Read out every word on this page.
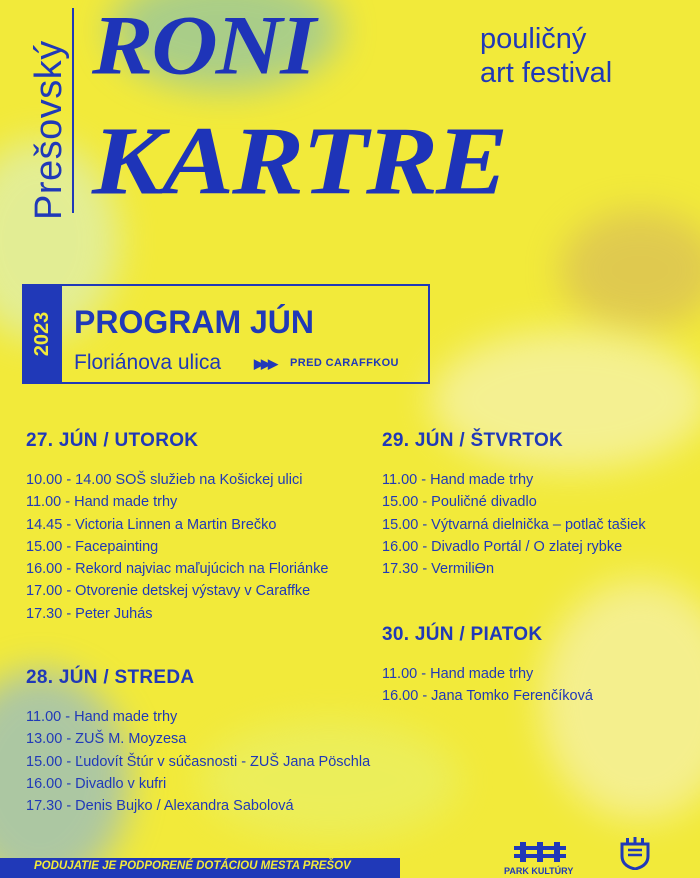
Prešovský RONI
KARTRE
pouličný
art festival
2023 PROGRAM JÚN
Floriánova ulica	▶▶▶ PRED CARAFFKOU
27. JÚN / UTOROK
10.00 - 14.00 SOŠ služieb na Košickej ulici
11.00 - Hand made trhy
14.45 - Victoria Linnen a Martin Brečko
15.00 - Facepainting
16.00 - Rekord najviac maľujúcich na Floriánke
17.00 - Otvorenie detskej výstavy v Caraffke
17.30 - Peter Juhás
28. JÚN / STREDA
11.00 - Hand made trhy
13.00 - ZUŠ M. Moyzesa
15.00 - Ľudovít Štúr v súčasnosti - ZUŠ Jana Pöschla
16.00 - Divadlo v kufri
17.30 - Denis Bujko / Alexandra Sabolová
29. JÚN / ŠTVRTOK
11.00 - Hand made trhy
15.00 - Pouličné divadlo
15.00 - Výtvarná dielnička – potlač tašiek
16.00 - Divadlo Portál / O zlatej rybke
17.30 - VermiliƟn
30. JÚN / PIATOK
11.00 - Hand made trhy
16.00 - Jana Tomko Ferenčíková
PODUJATIE JE PODPORENÉ DOTÁCIOU MESTA PREŠOV	PARK KULTÚRY
